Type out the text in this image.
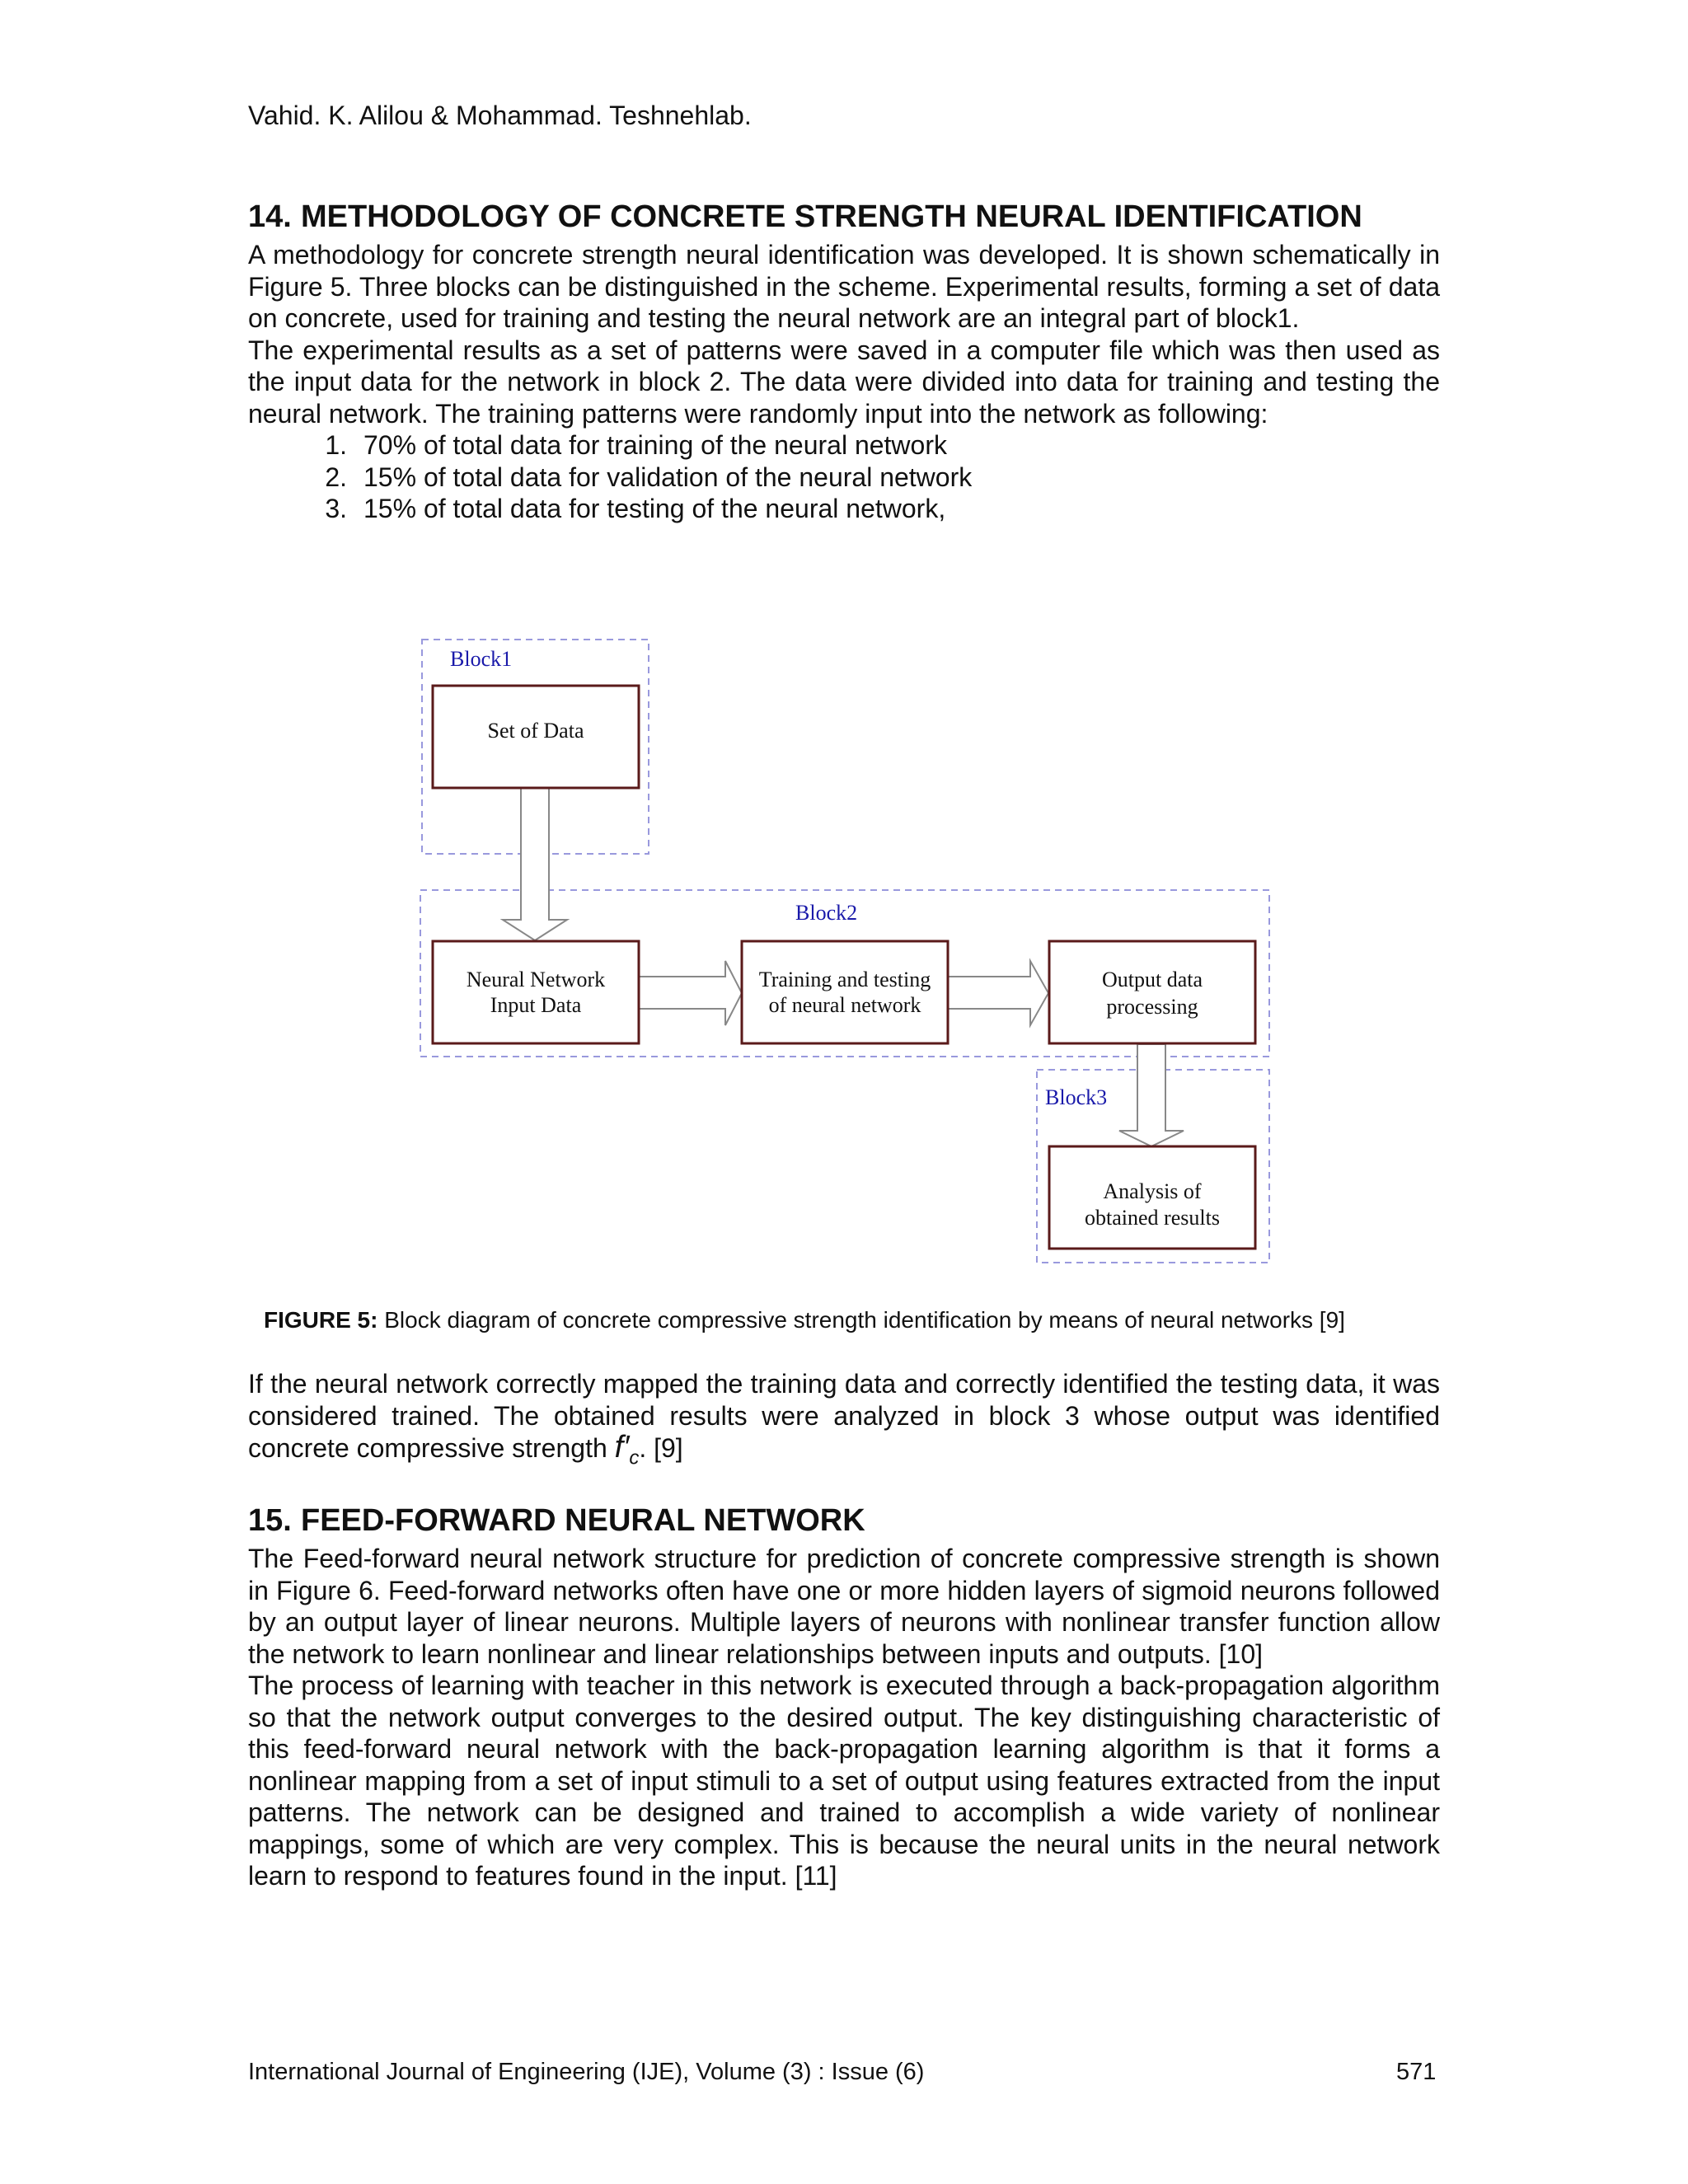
Vahid. K. Alilou & Mohammad. Teshnehlab.
14. METHODOLOGY OF CONCRETE STRENGTH NEURAL IDENTIFICATION

A methodology for concrete strength neural identification was developed. It is shown schematically in Figure 5. Three blocks can be distinguished in the scheme. Experimental results, forming a set of data on concrete, used for training and testing the neural network are an integral part of block1.

The experimental results as a set of patterns were saved in a computer file which was then used as the input data for the network in block 2. The data were divided into data for training and testing the neural network. The training patterns were randomly input into the network as following:

1. 70% of total data for training of the neural network
2. 15% of total data for validation of the neural network
3. 15% of total data for testing of the neural network,
Block1
Block2
Block3
Set of Data
Neural Network
Input Data
Training and testing
of neural network
Output data
processing
Analysis of
obtained results
FIGURE 5: Block diagram of concrete compressive strength identification by means of neural networks [9]

If the neural network correctly mapped the training data and correctly identified the testing data, it was considered trained. The obtained results were analyzed in block 3 whose output was identified concrete compressive strength $f'_c$. [9]

15. FEED-FORWARD NEURAL NETWORK

The Feed-forward neural network structure for prediction of concrete compressive strength is shown in Figure 6. Feed-forward networks often have one or more hidden layers of sigmoid neurons followed by an output layer of linear neurons. Multiple layers of neurons with nonlinear transfer function allow the network to learn nonlinear and linear relationships between inputs and outputs. [10]

The process of learning with teacher in this network is executed through a back-propagation algorithm so that the network output converges to the desired output. The key distinguishing characteristic of this feed-forward neural network with the back-propagation learning algorithm is that it forms a nonlinear mapping from a set of input stimuli to a set of output using features extracted from the input patterns. The network can be designed and trained to accomplish a wide variety of nonlinear mappings, some of which are very complex. This is because the neural units in the neural network learn to respond to features found in the input. [11]

International Journal of Engineering (IJE), Volume (3) : Issue (6)	571
